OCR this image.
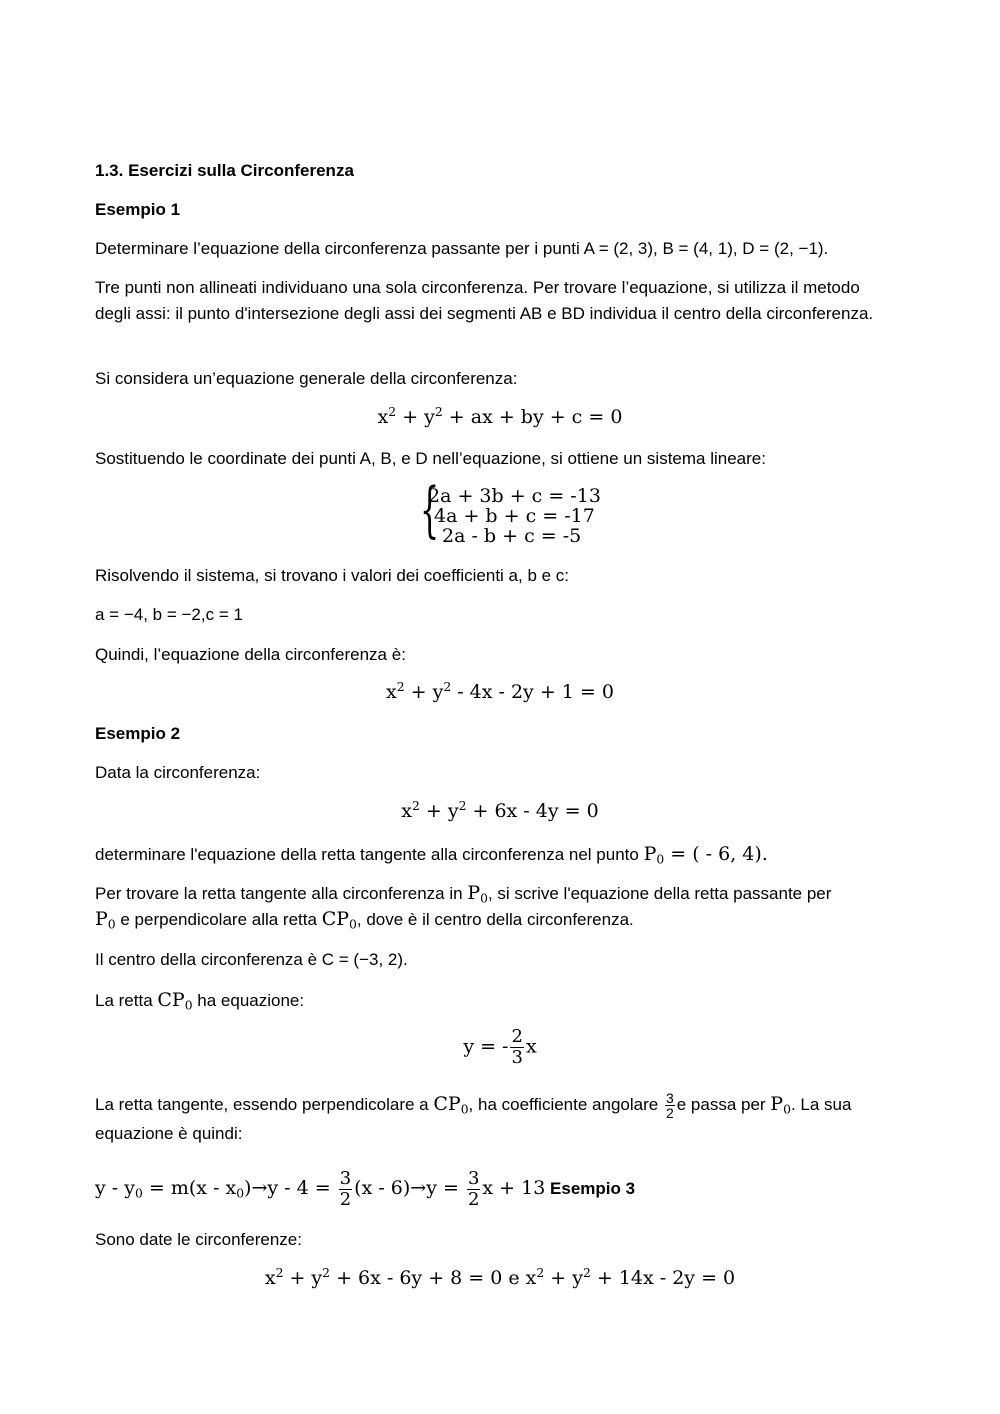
1.3. Esercizi sulla Circonferenza
Esempio 1
Determinare l’equazione della circonferenza passante per i punti A = (2, 3), B = (4, 1), D = (2, −1).
Tre punti non allineati individuano una sola circonferenza. Per trovare l’equazione, si utilizza il metodo degli assi: il punto d'intersezione degli assi dei segmenti AB e BD individua il centro della circonferenza.
Si considera un’equazione generale della circonferenza:
$x^2 + y^2$ + ax + by + c = 0
Sostituendo le coordinate dei punti A, B, e D nell’equazione, si ottiene un sistema lineare:
{
2a + 3b + c = -13
4a + b + c = -17
2a - b + c = -5
Risolvendo il sistema, si trovano i valori dei coefficienti a, b e c:
a = −4, b = −2,c = 1
Quindi, l’equazione della circonferenza è:
$x^2 + y^2 - 4x - 2y + 1 = 0$
Esempio 2
Data la circonferenza:
$x^2 + y^2 + 6x - 4y = 0$
determinare l'equazione della retta tangente alla circonferenza nel punto $P_0$ = ( - 6, 4).
Per trovare la retta tangente alla circonferenza in $P_0$, si scrive l'equazione della retta passante per
$P_0$ e perpendicolare alla retta $CP_0$, dove è il centro della circonferenza.
Il centro della circonferenza è C = (−3, 2).
La retta $CP_0$ ha equazione:
y = - $\frac{2}{3}$ x
La retta tangente, essendo perpendicolare a $CP_0$, ha coefficiente angolare $\frac{3}{2}$ e passa per $P_0$. La sua
equazione è quindi:
$y - y_0 = m(x - x_0)\to y - 4 = \frac{3}{2} (x - 6)\to y = \frac{3}{2}$ x + 13 Esempio 3
Sono date le circonferenze:
$x^2 + y^2 + 6x - 6y + 8 = 0$ e $x^2 + y^2 + 14x - 2y = 0$
